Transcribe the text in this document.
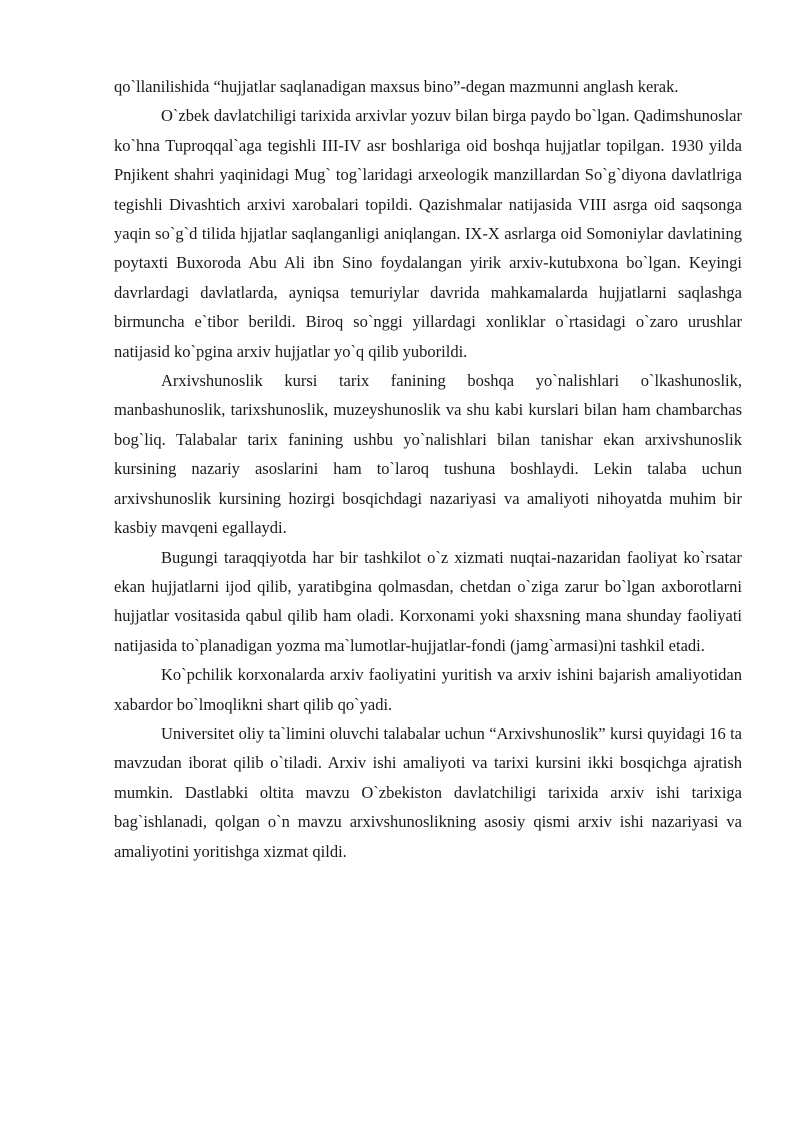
qo`llanilishida “hujjatlar saqlanadigan maxsus bino”-degan mazmunni anglash kerak.

O`zbek davlatchiligi tarixida arxivlar yozuv bilan birga paydo bo`lgan. Qadimshunoslar ko`hna Tuproqqal`aga tegishli III-IV asr boshlariga oid boshqa hujjatlar topilgan. 1930 yilda Pnjikent shahri yaqinidagi Mug` tog`laridagi arxeologik manzillardan So`g`diyona davlatlriga tegishli Divashtich arxivi xarobalari topildi. Qazishmalar natijasida VIII asrga oid saqsonga yaqin so`g`d tilida hjjatlar saqlanganligi aniqlangan. IX-X asrlarga oid Somoniylar davlatining poytaxti Buxoroda Abu Ali ibn Sino foydalangan yirik arxiv-kutubxona bo`lgan. Keyingi davrlardagi davlatlarda, ayniqsa temuriylar davrida mahkamalarda hujjatlarni saqlashga birmuncha e`tibor berildi. Biroq so`nggi yillardagi xonliklar o`rtasidagi o`zaro urushlar natijasid ko`pgina arxiv hujjatlar yo`q qilib yuborildi.

Arxivshunoslik kursi tarix fanining boshqa yo`nalishlari o`lkashunoslik, manbashunoslik, tarixshunoslik, muzeyshunoslik va shu kabi kurslari bilan ham chambarchas bog`liq. Talabalar tarix fanining ushbu yo`nalishlari bilan tanishar ekan arxivshunoslik kursining nazariy asoslarini ham to`laroq tushuna boshlaydi. Lekin talaba uchun arxivshunoslik kursining hozirgi bosqichdagi nazariyasi va amaliyoti nihoyatda muhim bir kasbiy mavqeni egallaydi.

Bugungi taraqqiyotda har bir tashkilot o`z xizmati nuqtai-nazaridan faoliyat ko`rsatar ekan hujjatlarni ijod qilib, yaratibgina qolmasdan, chetdan o`ziga zarur bo`lgan axborotlarni hujjatlar vositasida qabul qilib ham oladi. Korxonami yoki shaxsning mana shunday faoliyati natijasida to`planadigan yozma ma`lumotlar-hujjatlar-fondi (jamg`armasi)ni tashkil etadi.

Ko`pchilik korxonalarda arxiv faoliyatini yuritish va arxiv ishini bajarish amaliyotidan xabardor bo`lmoqlikni shart qilib qo`yadi.

Universitet oliy ta`limini oluvchi talabalar uchun “Arxivshunoslik” kursi quyidagi 16 ta mavzudan iborat qilib o`tiladi. Arxiv ishi amaliyoti va tarixi kursini ikki bosqichga ajratish mumkin. Dastlabki oltita mavzu O`zbekiston davlatchiligi tarixida arxiv ishi tarixiga bag`ishlanadi, qolgan o`n mavzu arxivshunoslikning asosiy qismi arxiv ishi nazariyasi va amaliyotini yoritishga xizmat qildi.
